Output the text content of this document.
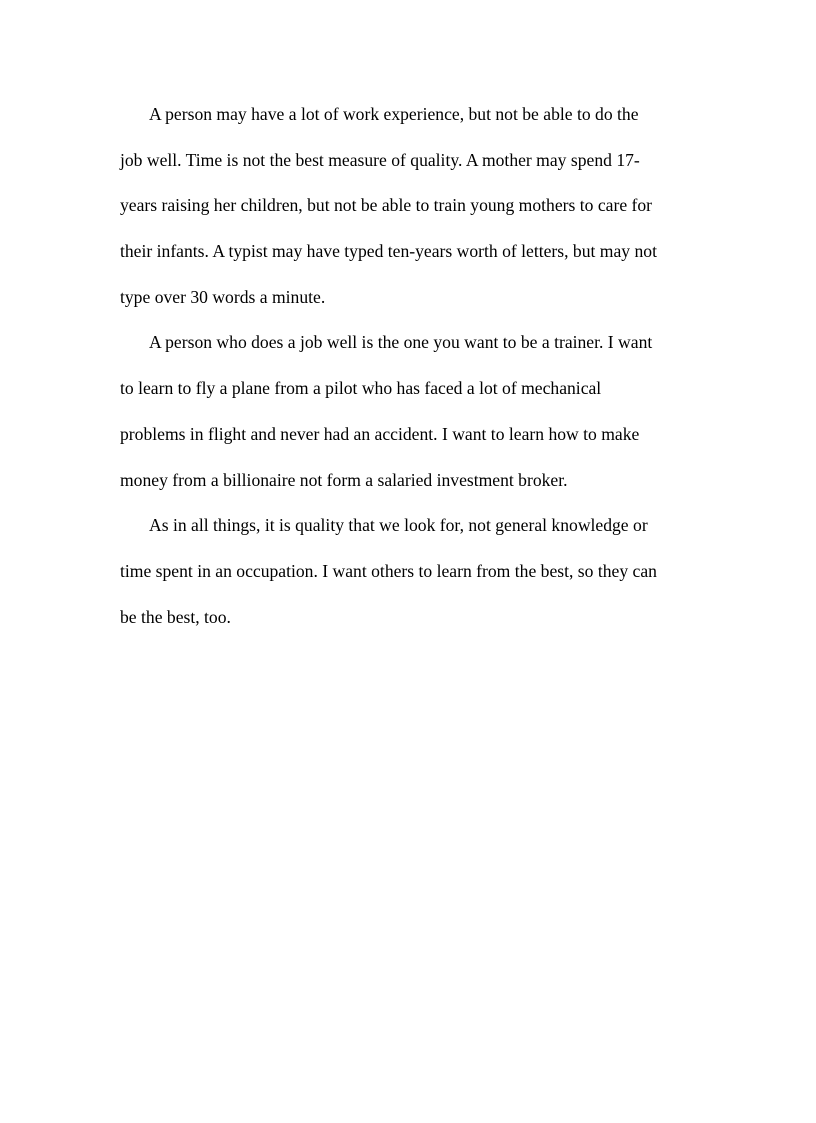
A person may have a lot of work experience, but not be able to do the
job well. Time is not the best measure of quality. A mother may spend 17-
years raising her children, but not be able to train young mothers to care for
their infants. A typist may have typed ten-years worth of letters, but may not
type over 30 words a minute.
A person who does a job well is the one you want to be a trainer. I want
to learn to fly a plane from a pilot who has faced a lot of mechanical
problems in flight and never had an accident. I want to learn how to make
money from a billionaire not form a salaried investment broker.
As in all things, it is quality that we look for, not general knowledge or
time spent in an occupation. I want others to learn from the best, so they can
be the best, too.
